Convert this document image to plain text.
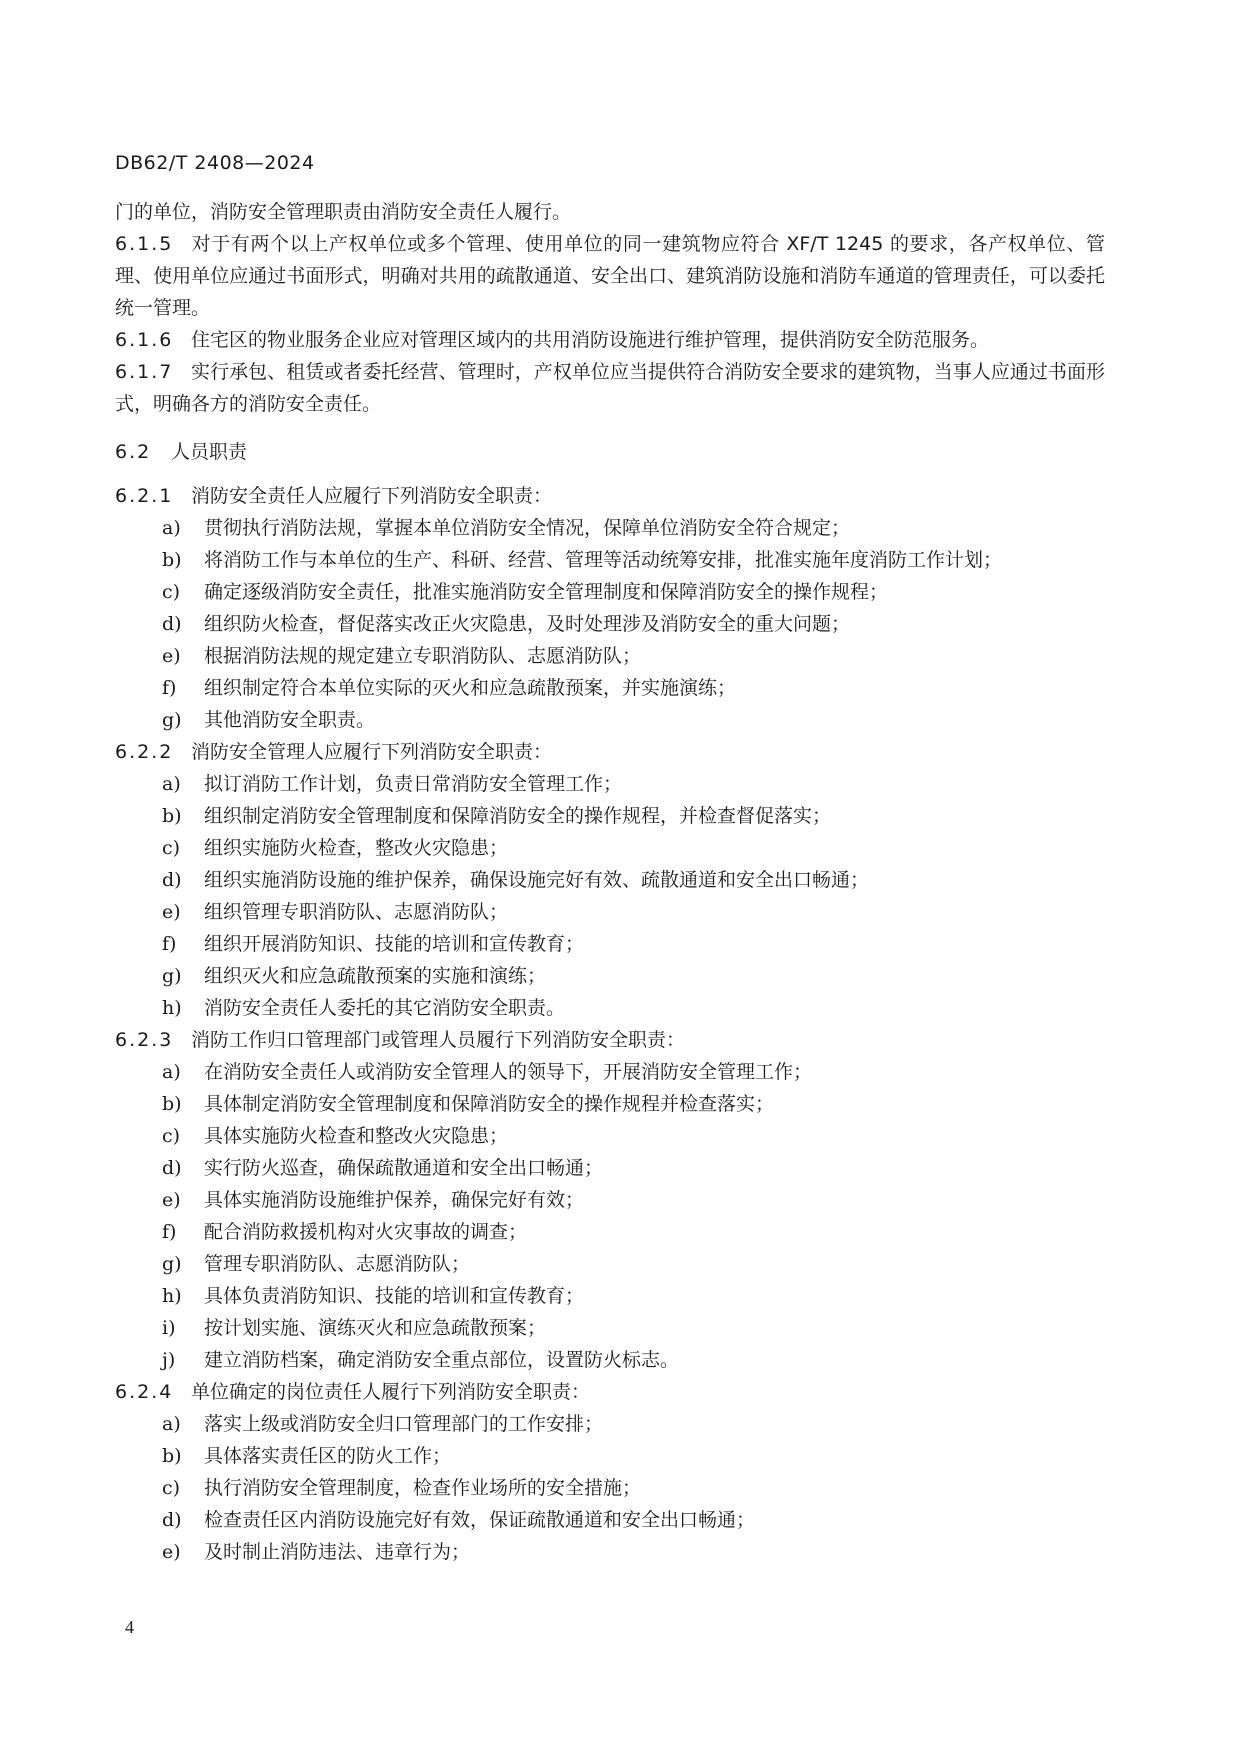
DB62/T 2408—2024

门的单位，消防安全管理职责由消防安全责任人履行。

6.1.5 对于有两个以上产权单位或多个管理、使用单位的同一建筑物应符合 XF/T 1245 的要求，各产权单位、管理、使用单位应通过书面形式，明确对共用的疏散通道、安全出口、建筑消防设施和消防车通道的管理责任，可以委托统一管理。

6.1.6 住宅区的物业服务企业应对管理区域内的共用消防设施进行维护管理，提供消防安全防范服务。

6.1.7 实行承包、租赁或者委托经营、管理时，产权单位应当提供符合消防安全要求的建筑物，当事人应通过书面形式，明确各方的消防安全责任。

6.2 人员职责

6.2.1 消防安全责任人应履行下列消防安全职责：

a)	贯彻执行消防法规，掌握本单位消防安全情况，保障单位消防安全符合规定；
b)	将消防工作与本单位的生产、科研、经营、管理等活动统筹安排，批准实施年度消防工作计划；
c)	确定逐级消防安全责任，批准实施消防安全管理制度和保障消防安全的操作规程；
d)	组织防火检查，督促落实改正火灾隐患，及时处理涉及消防安全的重大问题；
e)	根据消防法规的规定建立专职消防队、志愿消防队；
f)	组织制定符合本单位实际的灭火和应急疏散预案，并实施演练；
g)	其他消防安全职责。

6.2.2 消防安全管理人应履行下列消防安全职责：

a)	拟订消防工作计划，负责日常消防安全管理工作；
b)	组织制定消防安全管理制度和保障消防安全的操作规程，并检查督促落实；
c)	组织实施防火检查，整改火灾隐患；
d)	组织实施消防设施的维护保养，确保设施完好有效、疏散通道和安全出口畅通；
e)	组织管理专职消防队、志愿消防队；
f)	组织开展消防知识、技能的培训和宣传教育；
g)	组织灭火和应急疏散预案的实施和演练；
h)	消防安全责任人委托的其它消防安全职责。

6.2.3 消防工作归口管理部门或管理人员履行下列消防安全职责：

a)	在消防安全责任人或消防安全管理人的领导下，开展消防安全管理工作；
b)	具体制定消防安全管理制度和保障消防安全的操作规程并检查落实；
c)	具体实施防火检查和整改火灾隐患；
d)	实行防火巡查，确保疏散通道和安全出口畅通；
e)	具体实施消防设施维护保养，确保完好有效；
f)	配合消防救援机构对火灾事故的调查；
g)	管理专职消防队、志愿消防队；
h)	具体负责消防知识、技能的培训和宣传教育；
i)	按计划实施、演练灭火和应急疏散预案；
j)	建立消防档案，确定消防安全重点部位，设置防火标志。

6.2.4 单位确定的岗位责任人履行下列消防安全职责：

a)	落实上级或消防安全归口管理部门的工作安排；
b)	具体落实责任区的防火工作；
c)	执行消防安全管理制度，检查作业场所的安全措施；
d)	检查责任区内消防设施完好有效，保证疏散通道和安全出口畅通；
e)	及时制止消防违法、违章行为；
4
